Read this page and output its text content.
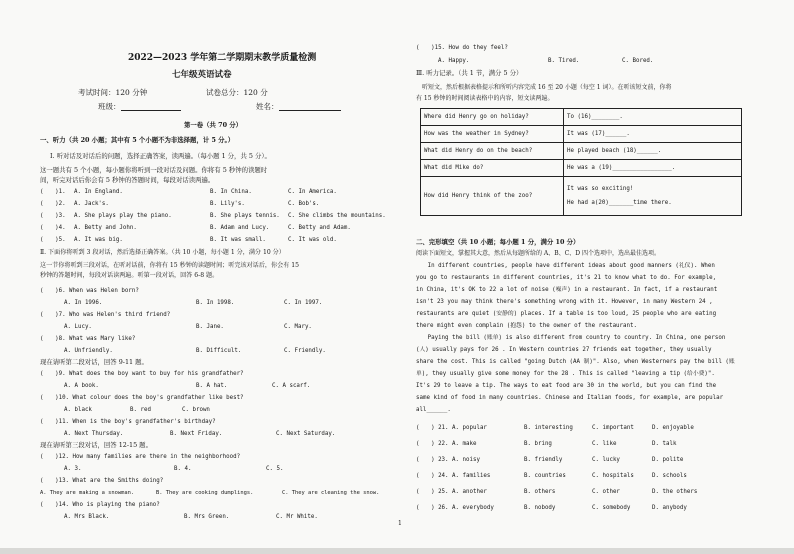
2022—2023 学年第二学期期末教学质量检测
七年级英语试卷
考试时间：120 分钟	试卷总分：120 分
班级：	姓名：
第一卷（共 70 分）
一、听力（共 20 小题；其中有 5 个小题不为非选择题，计 5 分。）
Ⅰ. 听对话及对话后的问题，选择正确答案，读两遍。（每小题 1 分，共 5 分）。
这一题共有 5 个小题，每小题你将听到一段对话及问题。你将有 5 秒钟的读题时
间，听完对话后你会有 5 秒钟的答题时间，每段对话读两遍。
(　　)1. A. In England.	B. In China.	C. In America.
(　　)2. A. Jack's.	B. Lily's.	C. Bob's.
(　　)3. A. She plays play the piano.	B. She plays tennis. C. She climbs the mountains.
(　　)4. A. Betty and John.	B. Adam and Lucy.	C. Betty and Adam.
(　　)5. A. It was big.	B. It was small.	C. It was old.
Ⅱ. 下面你将听到 3 段对话，然后选择正确答案。（共 10 小题，每小题 1 分，满分 10 分）
这一节你将听到三段对话，在听对话前，你将有 15 秒钟的读题时间；听完该对话后，你会有 15
秒钟的答题时间，每段对话读两遍。听第一段对话，回答 6-8 题。
(　　)6. When was Helen born?
A. In 1996.	B. In 1998.	C. In 1997.
(　　)7. Who was Helen's third friend?
A. Lucy.	B. Jane.	C. Mary.
(　　)8. What was Mary like?
A. Unfriendly.	B. Difficult.	C. Friendly.
现在请听第二段对话，回答 9-11 题。
(　　)9. What does the boy want to buy for his grandfather?
A. A book.	B. A hat.	C. A scarf.
(　　)10. What colour does the boy's grandfather like best?
A. black	B. red	C. brown
(　　)11. When is the boy's grandfather's birthday?
A. Next Thursday.	B. Next Friday.	C. Next Saturday.
现在请听第三段对话，回答 12-15 题。
(　　)12. How many families are there in the neighborhood?
A. 3.	B. 4.	C. 5.
(　　)13. What are the Smiths doing?
A. They are making a snowman.	B. They are cooking dumplings.	C. They are cleaning the snow.
(　　)14. Who is playing the piano?
A. Mrs Black.	B. Mrs Green.	C. Mr White.
(　　)15. How do they feel?
A. Happy.	B. Tired.	C. Bored.
Ⅲ. 听力记录。（共 1 节，满分 5 分）
听短文，然后根据表格提示和所听内容完成 16 至 20 小题（每空 1 词）。在听该短文前，你将
有 15 秒钟的时间阅读表格中的内容，短文读两遍。
Where did Henry go on holiday?	To (16)________.
How was the weather in Sydney?	It was (17)______.
What did Henry do on the beach?	He played beach (18)______.
What did Mike do?	He was a (19)_________________.
How did Henry think of the zoo?	It was so exciting!
He had a(20)_______time there.
二、完形填空（共 10 小题；每小题 1 分，满分 10 分）
阅读下面短文，掌握其大意，然后从每题所给的 A、B、C、D 四个选项中，选出最佳选项。
　　In different countries, people have different ideas about good manners (礼仪). When
you go to restaurants in different countries, it's 21 to know what to do. For example,
in China, it's OK to 22 a lot of noise (噪声) in a restaurant. In fact, if a restaurant
isn't 23 you may think there's something wrong with it. However, in many Western 24 ,
restaurants are quiet (安静的) places. If a table is too loud, 25 people who are eating
there might even complain (抱怨) to the owner of the restaurant.
　　Paying the bill (账单) is also different from country to country. In China, one person
(人) usually pays for 26 . In Western countries 27 friends eat together, they usually
share the cost. This is called "going Dutch (AA 制)". Also, when Westerners pay the bill (账
单), they usually give some money for the 28 . This is called "leaving a tip (给小费)".
It's 29 to leave a tip. The ways to eat food are 30 in the world, but you can find the
same kind of food in many countries. Chinese and Italian foods, for example, are popular
all______.
(　　) 21. A. popular	B. interesting	C. important	D. enjoyable
(　　) 22. A. make	B. bring	C. like	D. talk
(　　) 23. A. noisy	B. friendly	C. lucky	D. polite
(　　) 24. A. families	B. countries	C. hospitals	D. schools
(　　) 25. A. another	B. others	C. other	D. the others
(　　) 26. A. everybody	B. nobody	C. somebody	D. anybody
1
